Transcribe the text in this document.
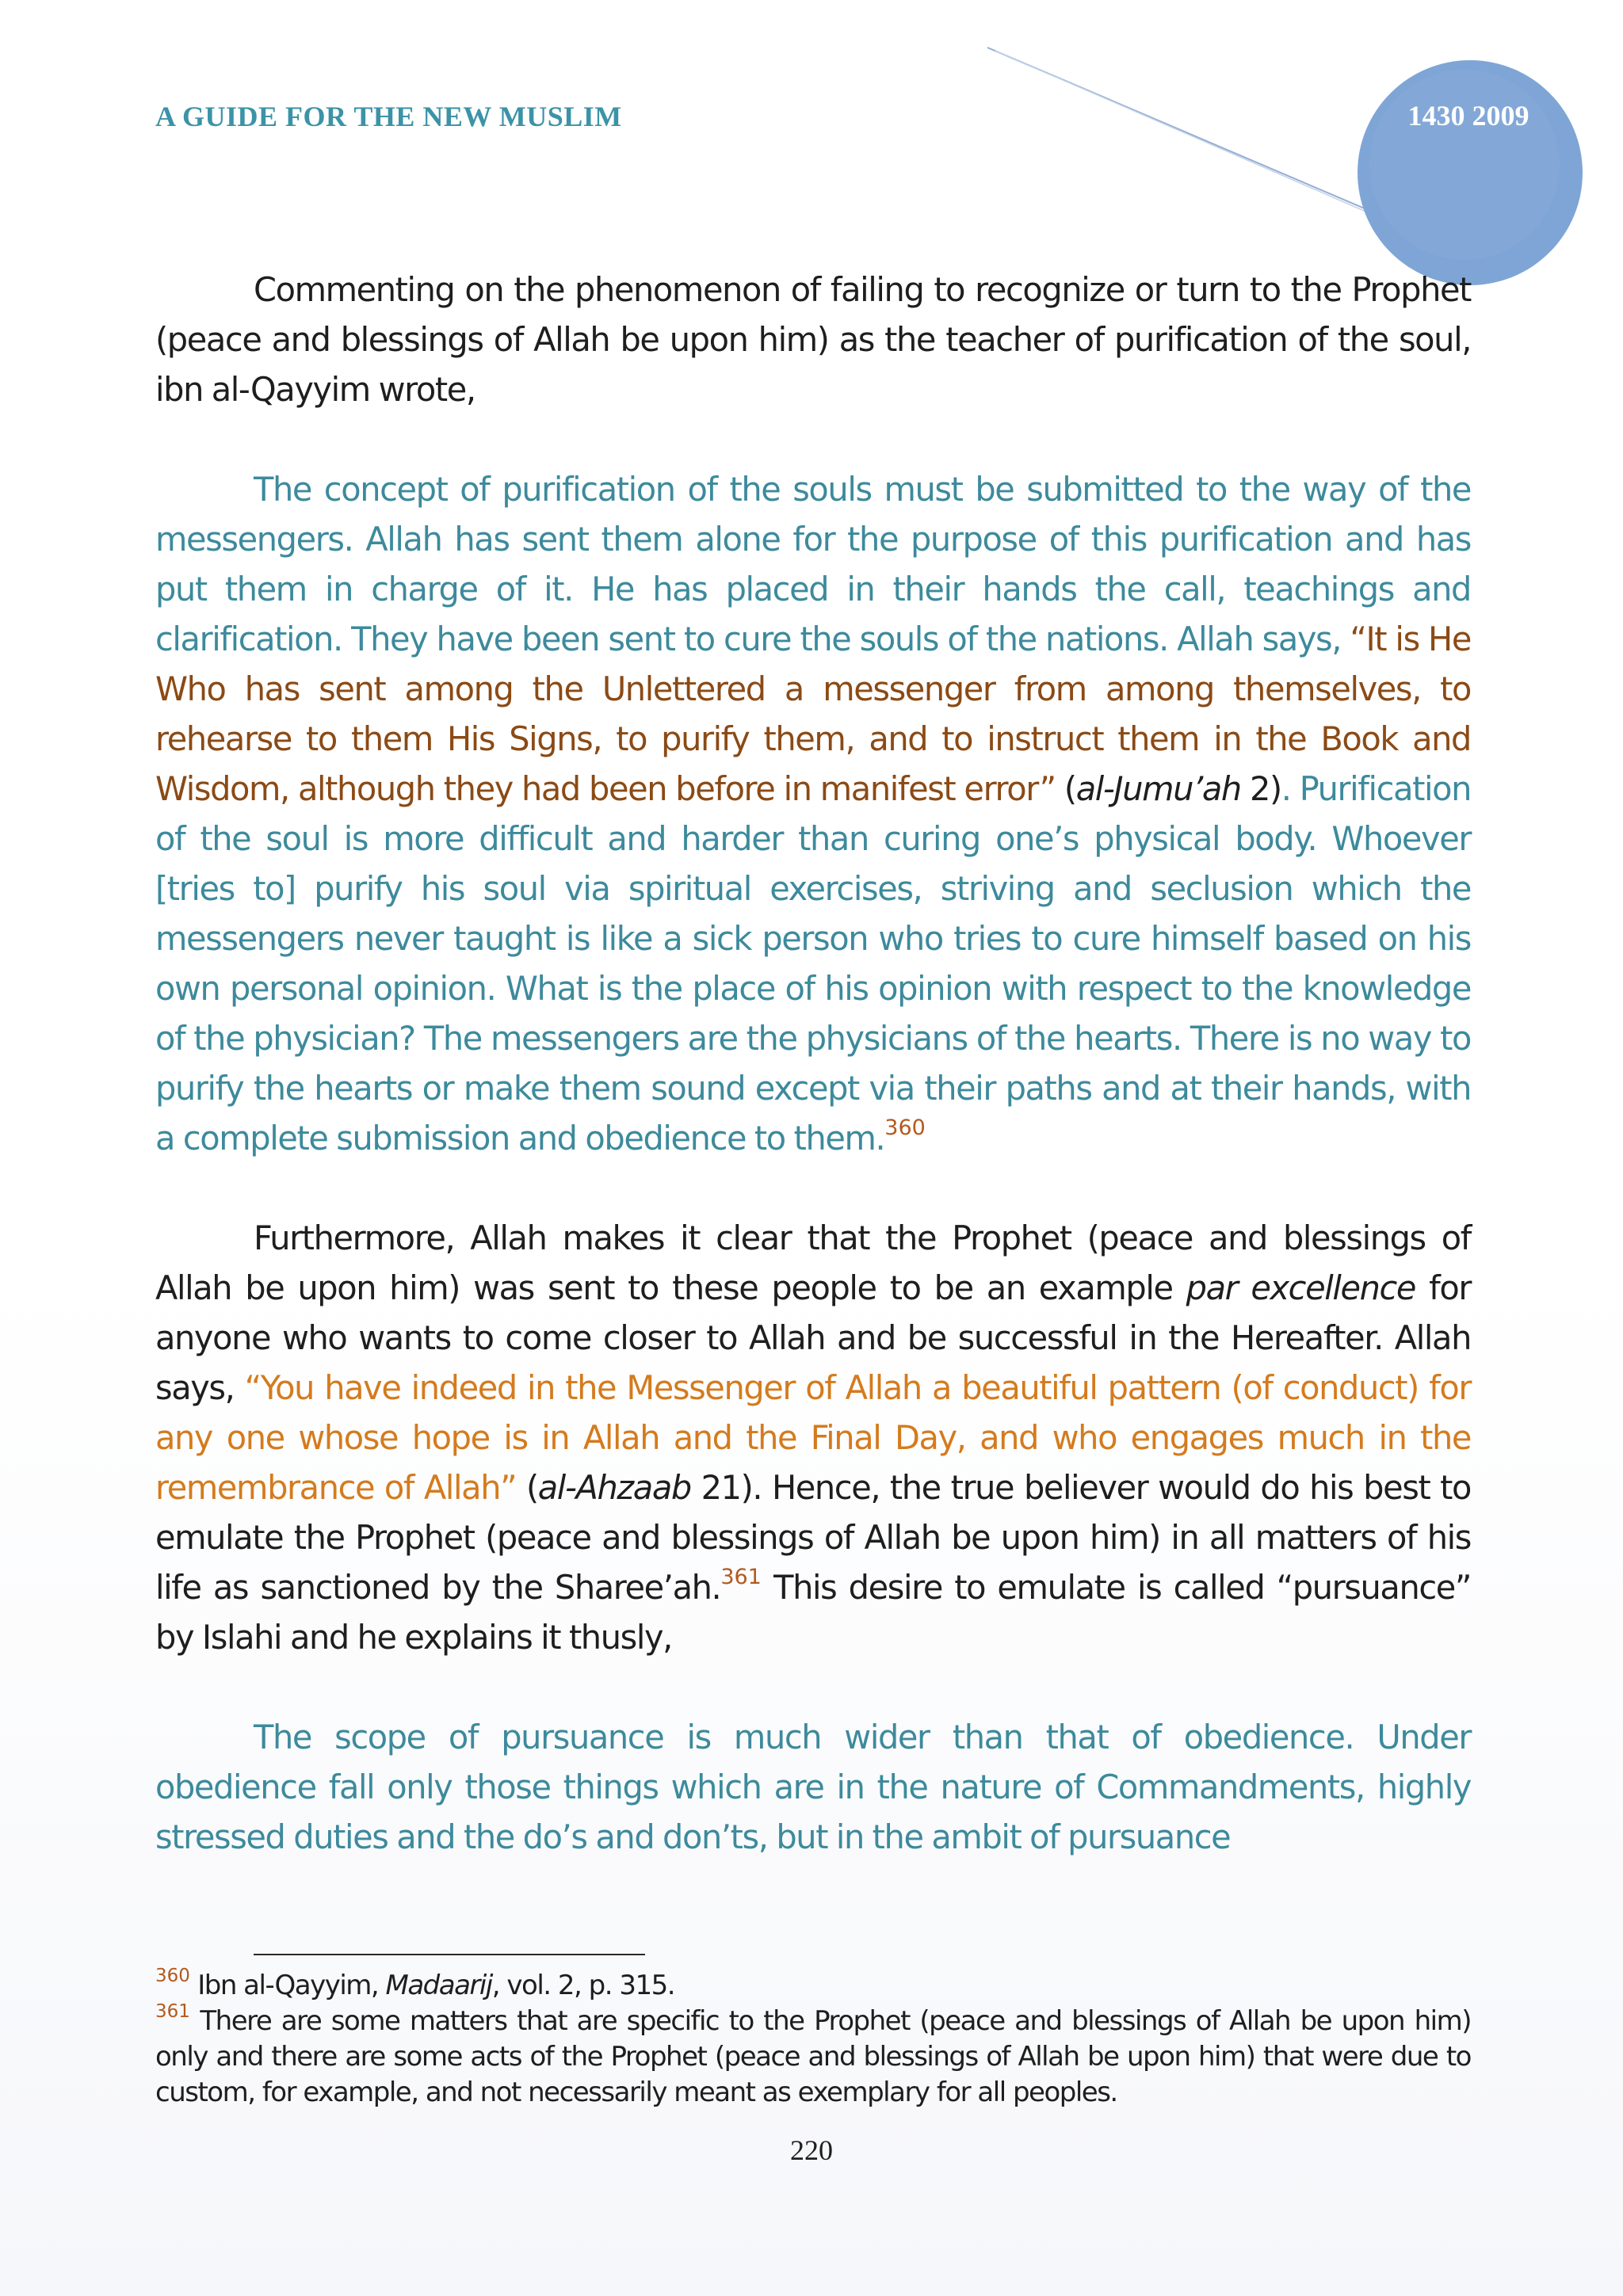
A GUIDE FOR THE NEW MUSLIM	1430 2009

Commenting on the phenomenon of failing to recognize or turn to the Prophet (peace and blessings of Allah be upon him) as the teacher of purification of the soul, ibn al-Qayyim wrote,

The concept of purification of the souls must be submitted to the way of the messengers. Allah has sent them alone for the purpose of this purification and has put them in charge of it. He has placed in their hands the call, teachings and clarification. They have been sent to cure the souls of the nations. Allah says, “It is He Who has sent among the Unlettered a messenger from among themselves, to rehearse to them His Signs, to purify them, and to instruct them in the Book and Wisdom, although they had been before in manifest error” (al-Jumu’ah 2). Purification of the soul is more difficult and harder than curing one’s physical body. Whoever [tries to] purify his soul via spiritual exercises, striving and seclusion which the messengers never taught is like a sick person who tries to cure himself based on his own personal opinion. What is the place of his opinion with respect to the knowledge of the physician? The messengers are the physicians of the hearts. There is no way to purify the hearts or make them sound except via their paths and at their hands, with a complete submission and obedience to them.$^{360}$

Furthermore, Allah makes it clear that the Prophet (peace and blessings of Allah be upon him) was sent to these people to be an example par excellence for anyone who wants to come closer to Allah and be successful in the Hereafter. Allah says, “You have indeed in the Messenger of Allah a beautiful pattern (of conduct) for any one whose hope is in Allah and the Final Day, and who engages much in the remembrance of Allah” (al-Ahzaab 21). Hence, the true believer would do his best to emulate the Prophet (peace and blessings of Allah be upon him) in all matters of his life as sanctioned by the Sharee’ah.$^{361}$ This desire to emulate is called “pursuance” by Islahi and he explains it thusly,

The scope of pursuance is much wider than that of obedience. Under obedience fall only those things which are in the nature of Commandments, highly stressed duties and the do’s and don’ts, but in the ambit of pursuance

$^{360}$ Ibn al-Qayyim, Madaarij, vol. 2, p. 315.

$^{361}$ There are some matters that are specific to the Prophet (peace and blessings of Allah be upon him) only and there are some acts of the Prophet (peace and blessings of Allah be upon him) that were due to custom, for example, and not necessarily meant as exemplary for all peoples.

220
